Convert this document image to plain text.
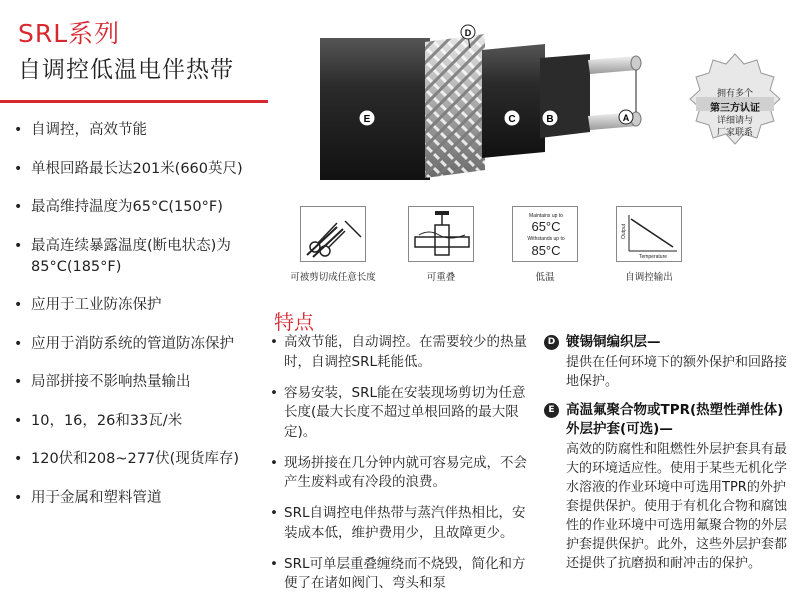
SRL系列
自调控低温电伴热带
• 自调控，高效节能
• 单根回路最长达201米(660英尺)
• 最高维持温度为65°C(150°F)
• 最高连续暴露温度(断电状态)为85°C(185°F)
• 应用于工业防冻保护
• 应用于消防系统的管道防冻保护
• 局部拼接不影响热量输出
• 10，16，26和33瓦/米
• 120伏和208~277伏(现货库存)
• 用于金属和塑料管道
E
D
C	B	A
拥有多个
第三方认证
详细请与
厂家联系
可被剪切成任意长度	可重叠
Maintains up to
65°C
Withstands up to
85°C
低温
Output
Temperature
自调控输出
特点
• 高效节能，自动调控。在需要较少的热量时，自调控SRL耗能低。
• 容易安装，SRL能在安装现场剪切为任意长度(最大长度不超过单根回路的最大限定)。
• 现场拼接在几分钟内就可容易完成，不会产生废料或有冷段的浪费。
• SRL自调控电伴热带与蒸汽伴热相比，安装成本低，维护费用少，且故障更少。
• SRL可单层重叠缠绕而不烧毁，简化和方便了在诸如阀门、弯头和泵
D 镀锡铜编织层—
提供在任何环境下的额外保护和回路接地保护。
E 高温氟聚合物或TPR(热塑性弹性体)外层护套(可选)—
高效的防腐性和阻燃性外层护套具有最大的环境适应性。使用于某些无机化学水溶液的作业环境中可选用TPR的外护套提供保护。使用于有机化合物和腐蚀性的作业环境中可选用氟聚合物的外层护套提供保护。此外，这些外层护套都还提供了抗磨损和耐冲击的保护。
